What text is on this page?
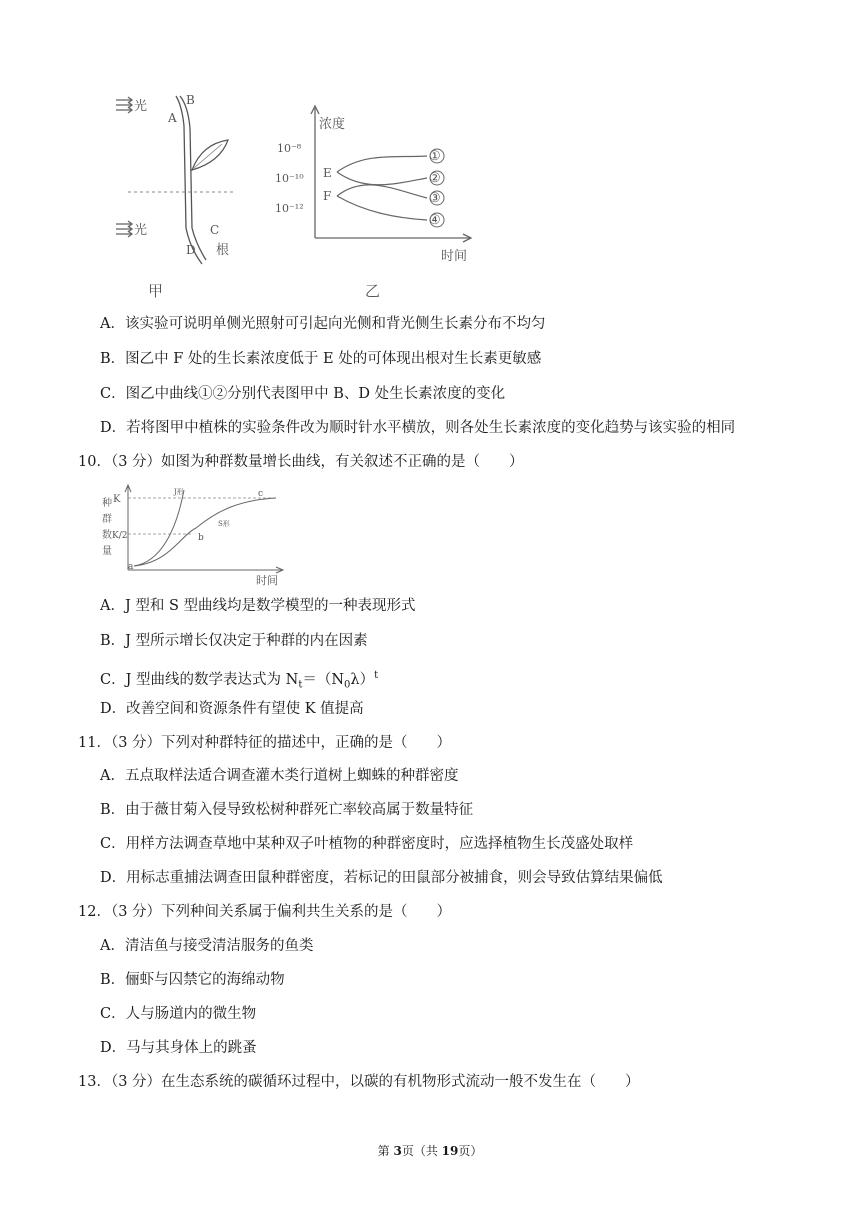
光	B
A
光	C
D 根
甲
浓度
10⁻⁸
10⁻¹⁰
10⁻¹²
E
F
①
②
③
④
时间
乙
A．该实验可说明单侧光照射可引起向光侧和背光侧生长素分布不均匀
B．图乙中 F 处的生长素浓度低于 E 处的可体现出根对生长素更敏感
C．图乙中曲线①②分别代表图甲中 B、D 处生长素浓度的变化
D．若将图甲中植株的实验条件改为顺时针水平横放，则各处生长素浓度的变化趋势与该实验的相同
10．（3 分）如图为种群数量增长曲线，有关叙述不正确的是（　　）
种
群
数
量
K
K/2
J形
S形
a
b
c
时间
A．J 型和 S 型曲线均是数学模型的一种表现形式
B．J 型所示增长仅决定于种群的内在因素
C．J 型曲线的数学表达式为 $N_t=(N_0\lambda)^t$
D．改善空间和资源条件有望使 K 值提高
11．（3 分）下列对种群特征的描述中，正确的是（　　）
A．五点取样法适合调查灌木类行道树上蜘蛛的种群密度
B．由于薇甘菊入侵导致松树种群死亡率较高属于数量特征
C．用样方法调查草地中某种双子叶植物的种群密度时，应选择植物生长茂盛处取样
D．用标志重捕法调查田鼠种群密度，若标记的田鼠部分被捕食，则会导致估算结果偏低
12．（3 分）下列种间关系属于偏利共生关系的是（　　）
A．清洁鱼与接受清洁服务的鱼类
B．俪虾与囚禁它的海绵动物
C．人与肠道内的微生物
D．马与其身体上的跳蚤
13．（3 分）在生态系统的碳循环过程中，以碳的有机物形式流动一般不发生在（　　）
第 3页（共 19页）
